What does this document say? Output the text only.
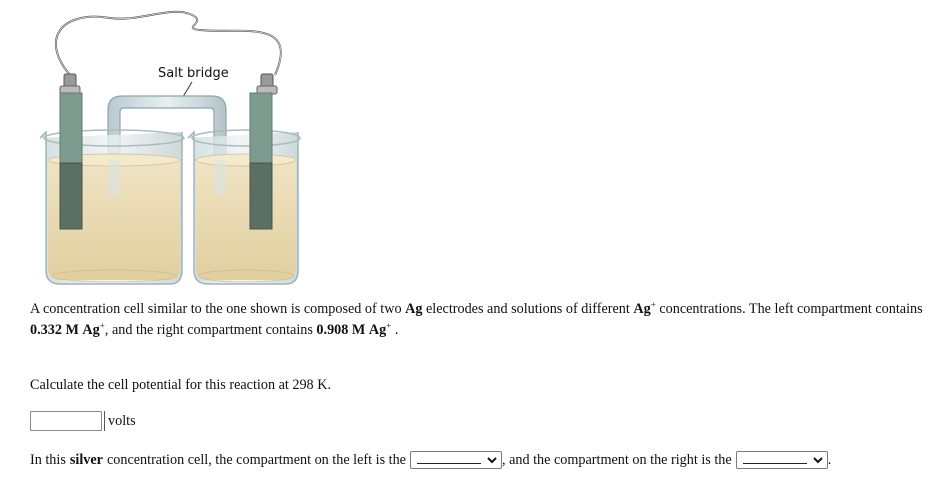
Salt bridge
A concentration cell similar to the one shown is composed of two Ag electrodes and solutions of different Ag+ concentrations. The left compartment contains 0.332 M Ag+, and the right compartment contains 0.908 M Ag+ .
Calculate the cell potential for this reaction at 298 K.
volts
In this silver concentration cell, the compartment on the left is the	, and the compartment on the right is the	.
